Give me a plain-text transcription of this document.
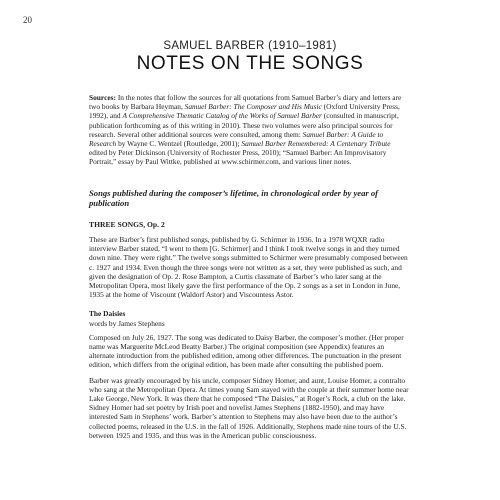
20
SAMUEL BARBER (1910–1981)
NOTES ON THE SONGS

Sources: In the notes that follow the sources for all quotations from Samuel Barber’s diary and letters are two books by Barbara Heyman, Samuel Barber: The Composer and His Music (Oxford University Press, 1992), and A Comprehensive Thematic Catalog of the Works of Samuel Barber (consulted in manuscript, publication forthcoming as of this writing in 2010). These two volumes were also principal sources for research. Several other additional sources were consulted, among them: Samuel Barber: A Guide to Research by Wayne C. Wentzel (Routledge, 2001); Samuel Barber Remembered: A Centenary Tribute edited by Peter Dickinson (University of Rochester Press, 2010); “Samuel Barber: An Improvisatory Portrait,” essay by Paul Wittke, published at www.schirmer.com, and various liner notes.

Songs published during the composer’s lifetime, in chronological order by year of publication
THREE SONGS, Op. 2

These are Barber’s first published songs, published by G. Schirmer in 1936. In a 1978 WQXR radio interview Barber stated, “I went to them [G. Schirmer] and I think I took twelve songs in and they turned down nine. They were right.” The twelve songs submitted to Schirmer were presumably composed between c. 1927 and 1934. Even though the three songs were not written as a set, they were published as such, and given the designation of Op. 2. Rose Bampton, a Curtis classmate of Barber’s who later sang at the Metropolitan Opera, most likely gave the first performance of the Op. 2 songs as a set in London in June, 1935 at the home of Viscount (Waldorf Astor) and Viscountess Astor.

The Daisies
words by James Stephens

Composed on July 26, 1927. The song was dedicated to Daisy Barber, the composer’s mother. (Her proper name was Marguerite McLeod Beatty Barber.) The original composition (see Appendix) features an alternate introduction from the published edition, among other differences. The punctuation in the present edition, which differs from the original edition, has been made after consulting the published poem.

Barber was greatly encouraged by his uncle, composer Sidney Homer, and aunt, Louise Homer, a contralto who sang at the Metropolitan Opera. At times young Sam stayed with the couple at their summer home near Lake George, New York. It was there that he composed “The Daisies,” at Roger’s Rock, a club on the lake. Sidney Homer had set poetry by Irish poet and novelist James Stephens (1882-1950), and may have interested Sam in Stephens’ work. Barber’s attention to Stephens may also have been due to the author’s collected poems, released in the U.S. in the fall of 1926. Additionally, Stephens made nine tours of the U.S. between 1925 and 1935, and thus was in the American public consciousness.
